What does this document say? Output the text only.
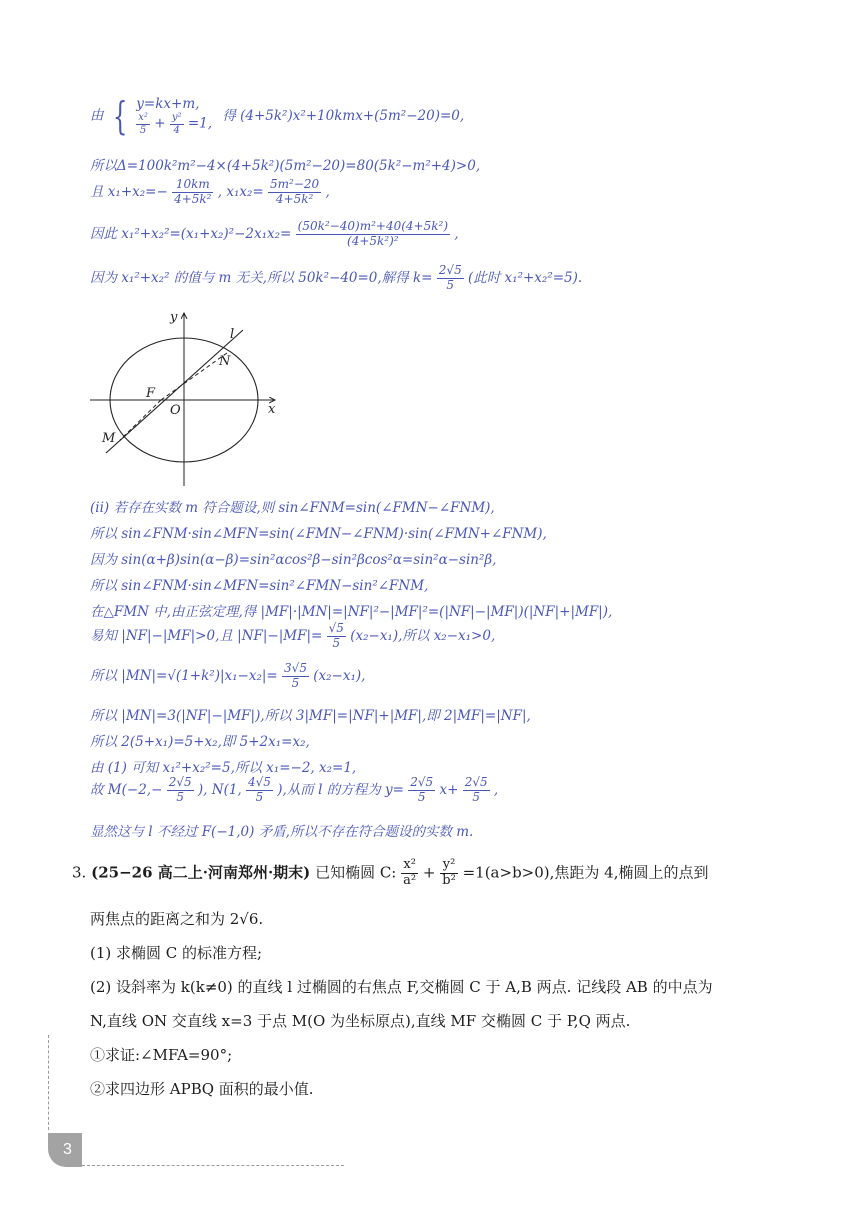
由 { y=kx+m,
$\frac{\text{x²}}{5} + \frac{\text{y²}}{4} =1$,
得 (4+5k²)x²+10kmx+(5m²−20)=0,
所以Δ=100k²m²−4×(4+5k²)(5m²−20)=80(5k²−m²+4)>0,
且 $x_1+x_2=- \frac{10km}{\text{4+5k²}}$ , $x_1x_2= \frac{\text{5m²−20}}{\text{4+5k²}}$ ,
因此 $x_1^2+x_2^2=(x_1+x_2)^2-2x_1x_2= \frac{\text{(50k²−40)m²+40(4+5k²)}}{\text{(4+5k²)²}}$ ,
因为 x₁²+x₂² 的值与 m 无关,所以 50k²−40=0,解得 $k= \frac{2√5}{5}$ (此时 x₁²+x₂²=5).
y
x
l
N
F
O
M
(ii) 若存在实数 m 符合题设,则 sin∠FNM=sin(∠FMN−∠FNM),
所以 sin∠FNM·sin∠MFN=sin(∠FMN−∠FNM)·sin(∠FMN+∠FNM),
因为 sin(α+β)sin(α−β)=sin²αcos²β−sin²βcos²α=sin²α−sin²β,
所以 sin∠FNM·sin∠MFN=sin²∠FMN−sin²∠FNM,
在△FMN 中,由正弦定理,得 |MF|·|MN|=|NF|²−|MF|²=(|NF|−|MF|)(|NF|+|MF|),
易知 |NF|−|MF|>0,且 $|NF|-|MF|= \frac{√5}{5} (x_2-x_1)$,所以 x₂−x₁>0,
所以 $|MN|=√(1+k^2)|x_1-x_2|= \frac{3√5}{5} (x_2-x_1)$,
所以 |MN|=3(|NF|−|MF|),所以 3|MF|=|NF|+|MF|,即 2|MF|=|NF|,
所以 2(5+x₁)=5+x₂,即 5+2x₁=x₂,
由 (1) 可知 x₁²+x₂²=5,所以 x₁=−2, x₂=1,
故 $M(-2,- \frac{2√5}{5}$ ), N(1, $\frac{4√5}{5}$ ),从而 l 的方程为 $y= \frac{2√5}{5} x+ \frac{2√5}{5}$ ,
显然这与 l 不经过 F(−1,0) 矛盾,所以不存在符合题设的实数 m.
3. (25−26 高二上·河南郑州·期末) 已知椭圆 C: $\frac{\text{x²}}{\text{a²}} + \frac{\text{y²}}{\text{b²}} =1(a>b>0)$,焦距为 4,椭圆上的点到
两焦点的距离之和为 2√6.
(1) 求椭圆 C 的标准方程;
(2) 设斜率为 k(k≠0) 的直线 l 过椭圆的右焦点 F,交椭圆 C 于 A,B 两点. 记线段 AB 的中点为
N,直线 ON 交直线 x=3 于点 M(O 为坐标原点),直线 MF 交椭圆 C 于 P,Q 两点.
①求证:∠MFA=90°;
②求四边形 APBQ 面积的最小值.
3
